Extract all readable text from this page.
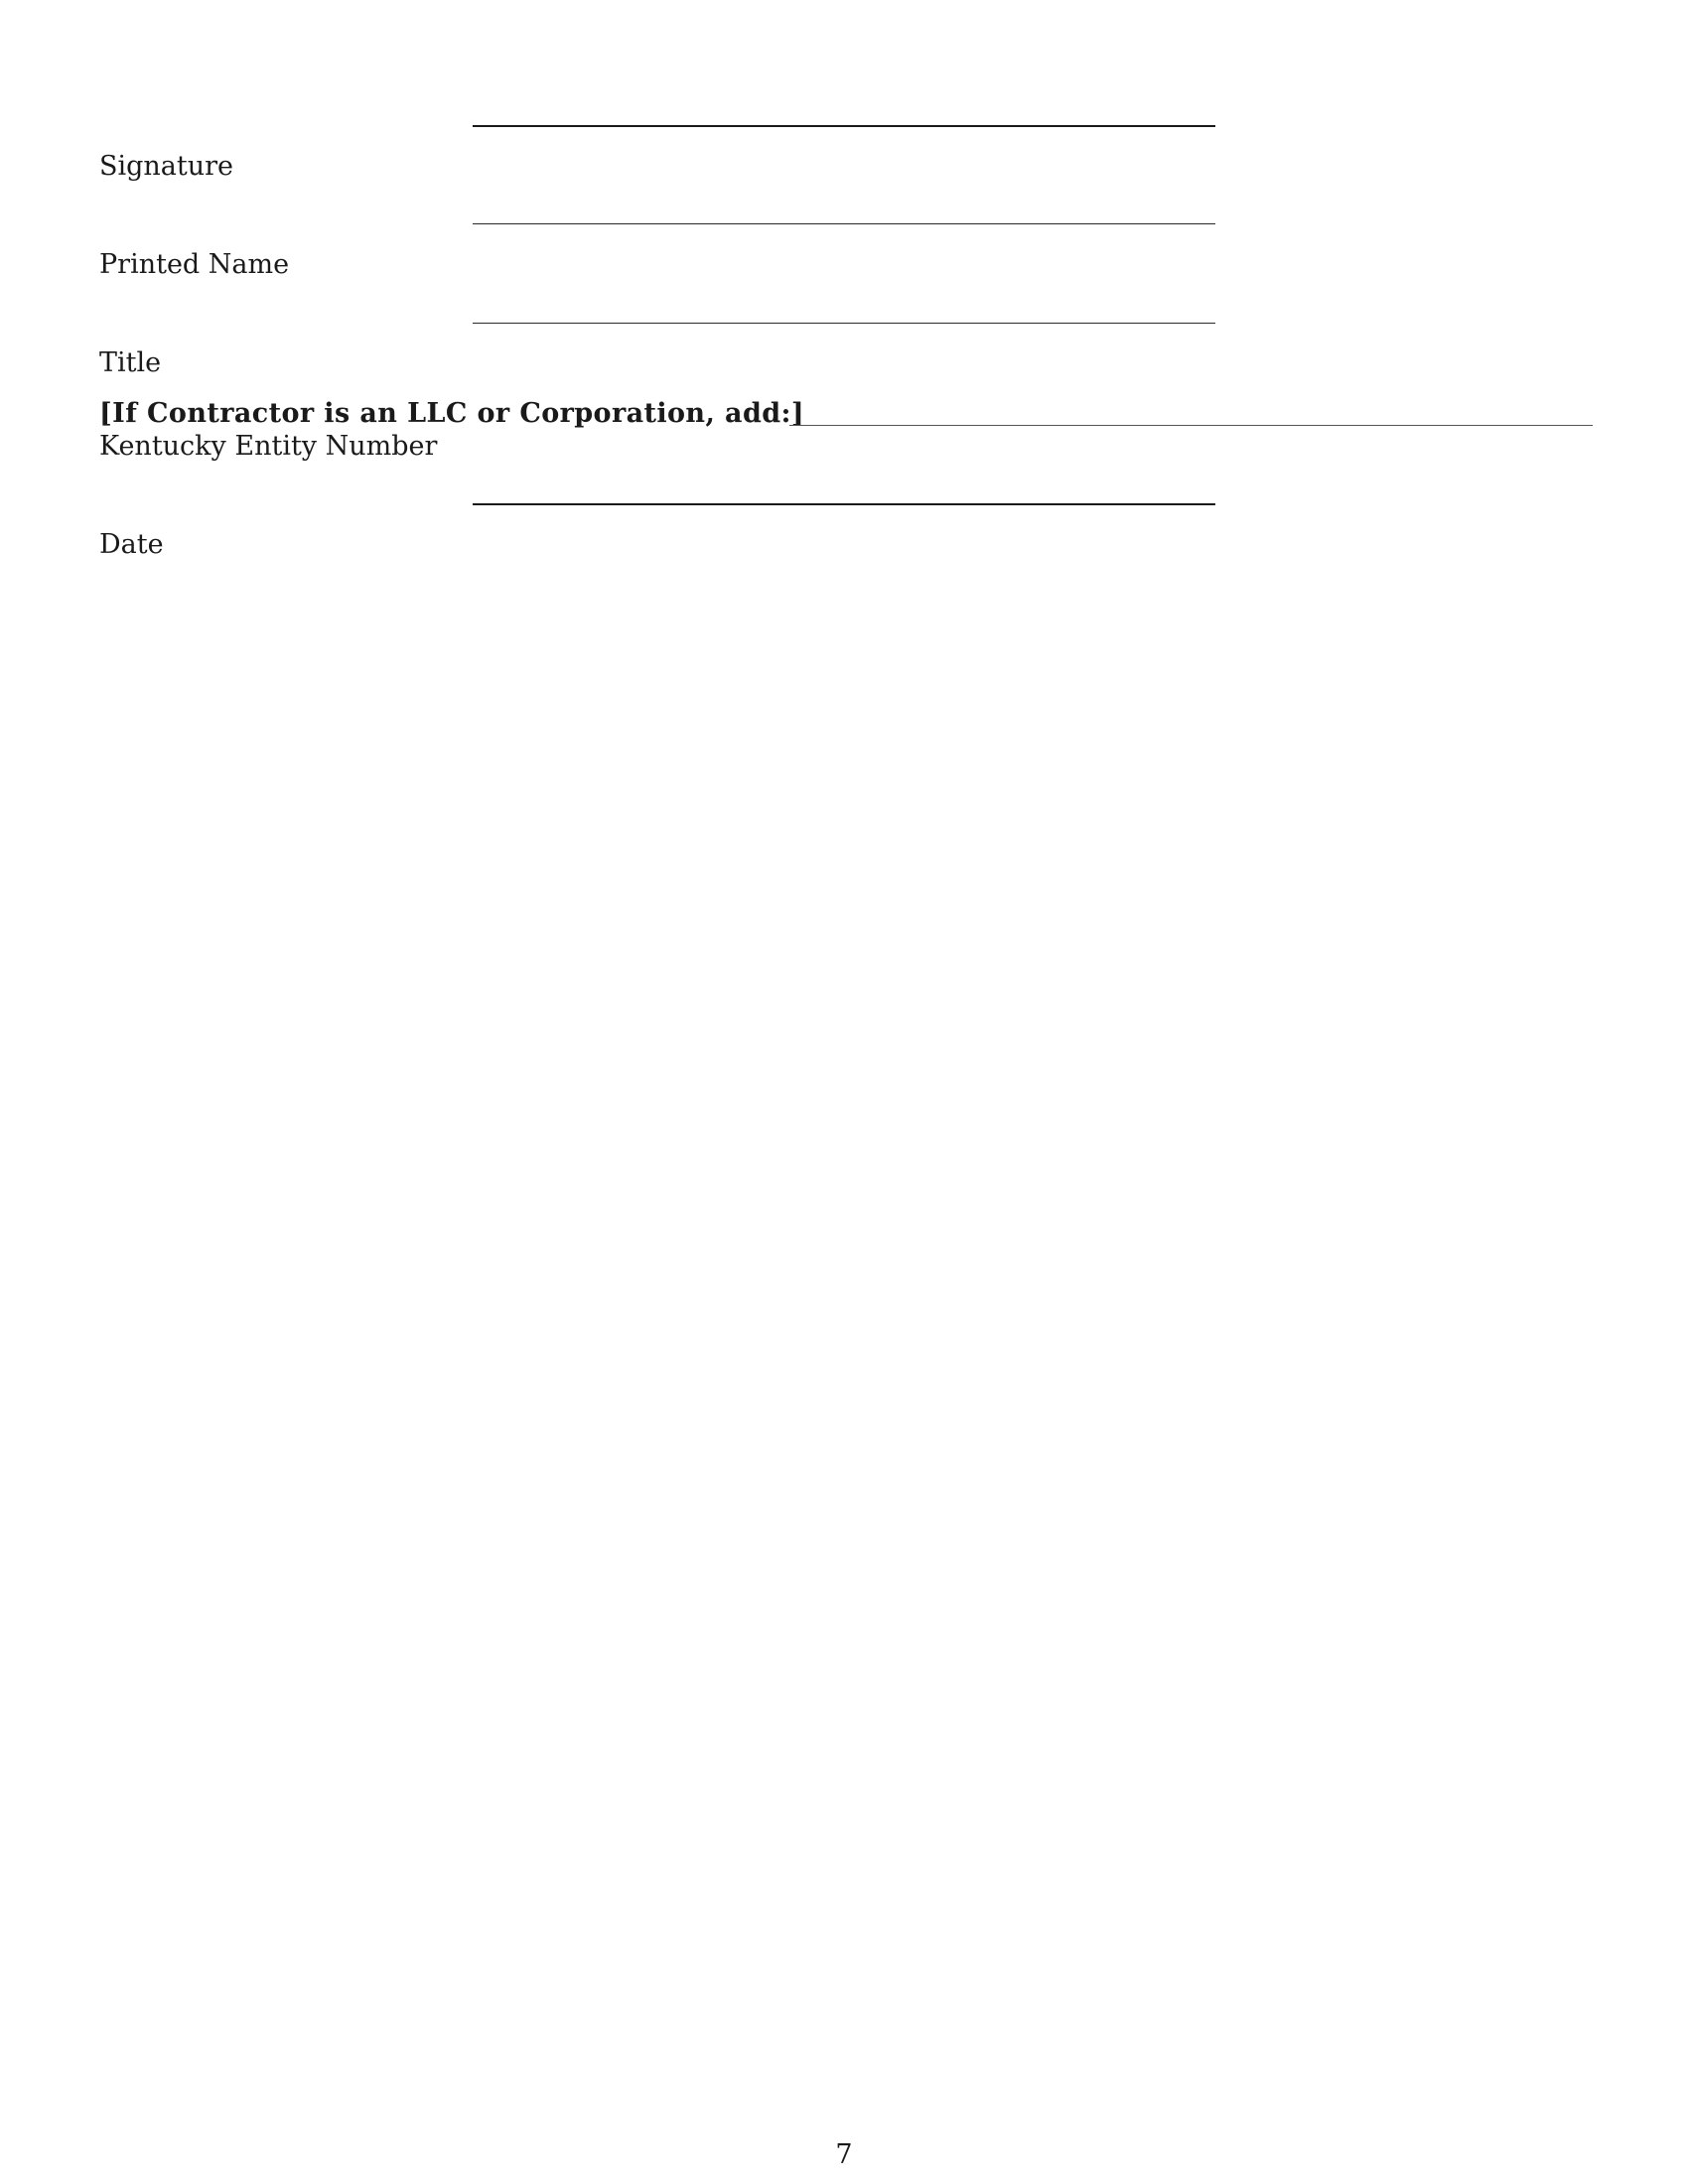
Signature
Printed Name
Title
[If Contractor is an LLC or Corporation, add:]
Kentucky Entity Number
Date
7
